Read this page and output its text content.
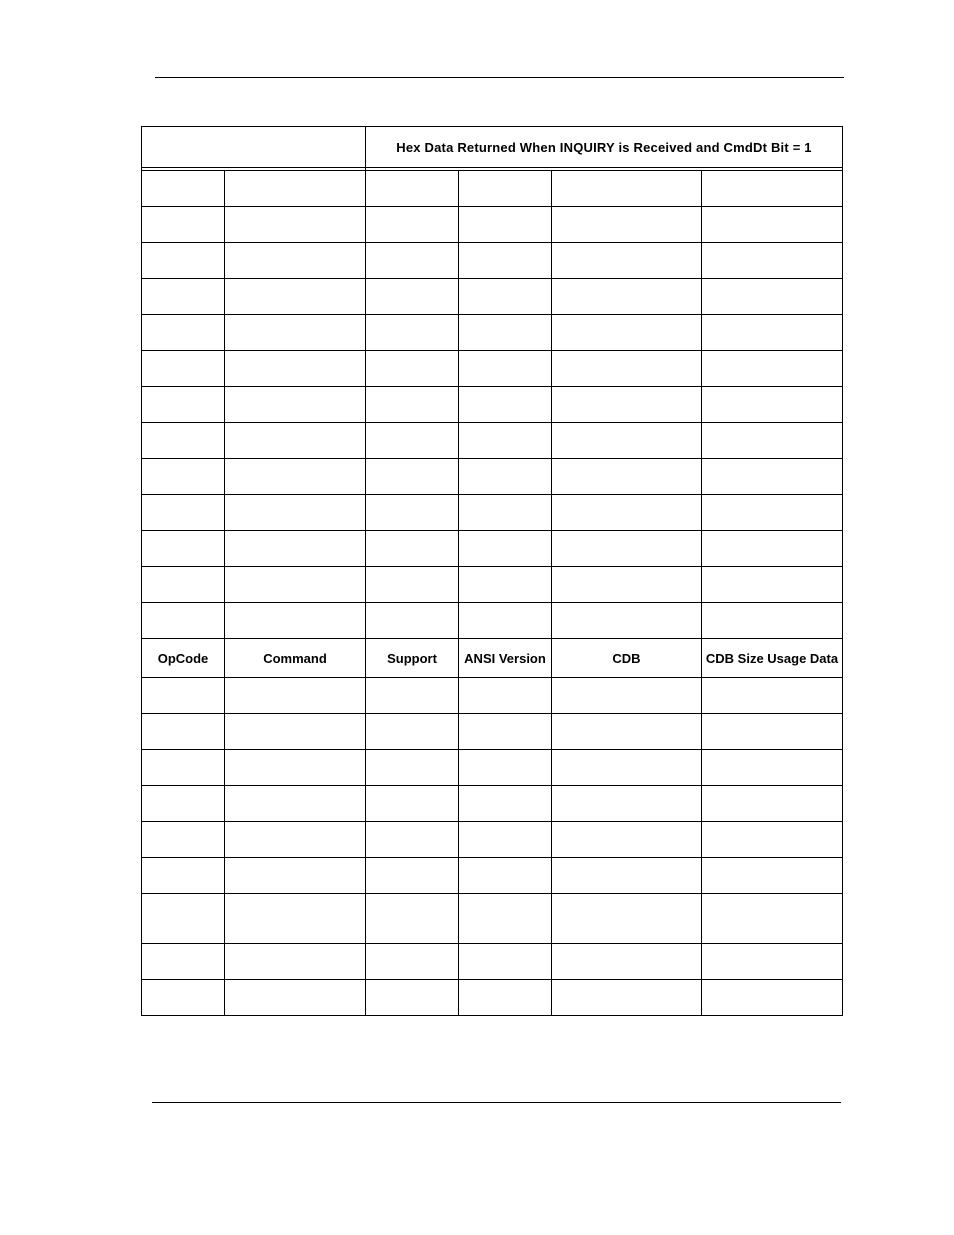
		Hex Data Returned When INQUIRY is Received and CmdDt Bit = 1			

OpCode	Command	Support	ANSI Version	CDB	CDB Size Usage Data
